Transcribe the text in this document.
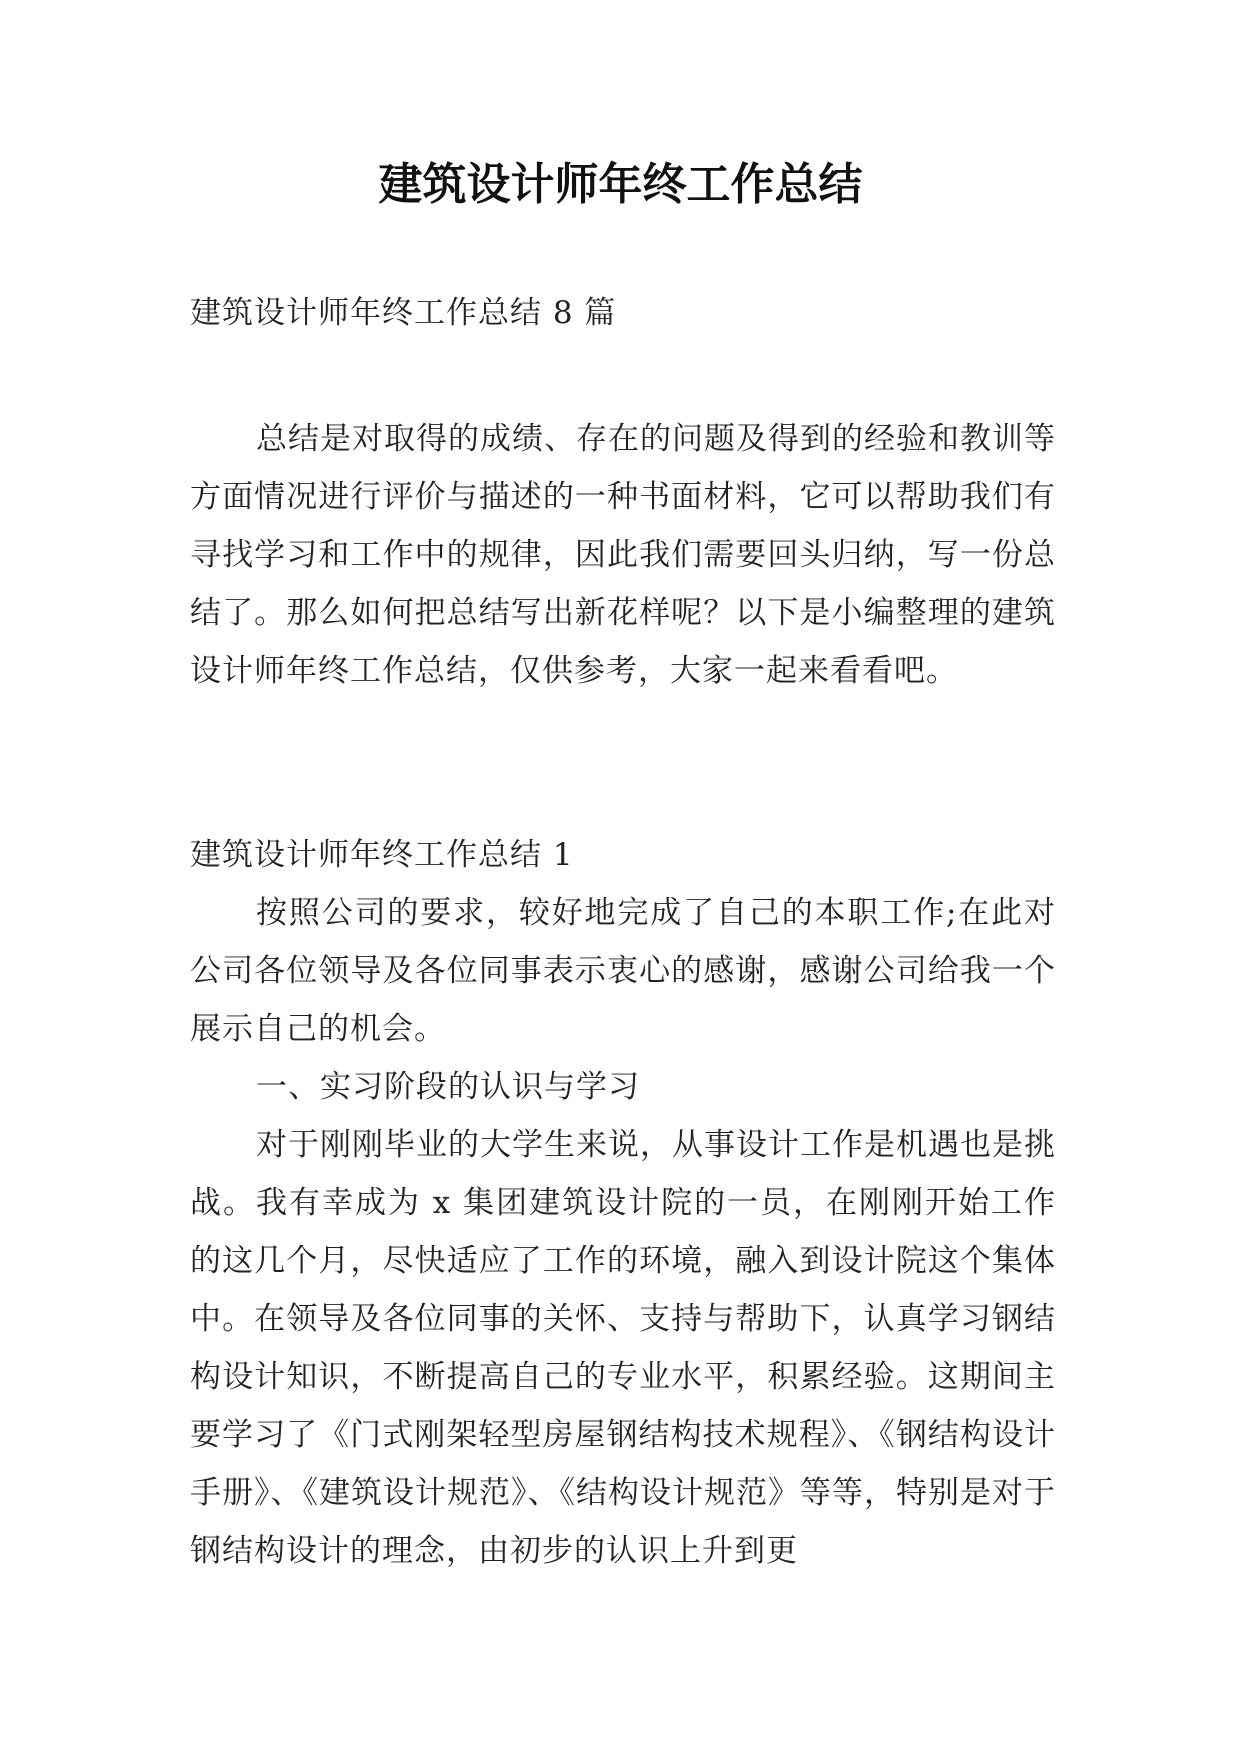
建筑设计师年终工作总结

建筑设计师年终工作总结 8 篇

总结是对取得的成绩、存在的问题及得到的经验和教训等方面情况进行评价与描述的一种书面材料，它可以帮助我们有寻找学习和工作中的规律，因此我们需要回头归纳，写一份总结了。那么如何把总结写出新花样呢？以下是小编整理的建筑设计师年终工作总结，仅供参考，大家一起来看看吧。

建筑设计师年终工作总结 1

按照公司的要求，较好地完成了自己的本职工作;在此对公司各位领导及各位同事表示衷心的感谢，感谢公司给我一个展示自己的机会。

一、实习阶段的认识与学习

对于刚刚毕业的大学生来说，从事设计工作是机遇也是挑战。我有幸成为 x 集团建筑设计院的一员，在刚刚开始工作的这几个月，尽快适应了工作的环境，融入到设计院这个集体中。在领导及各位同事的关怀、支持与帮助下，认真学习钢结构设计知识，不断提高自己的专业水平，积累经验。这期间主要学习了《门式刚架轻型房屋钢结构技术规程》、《钢结构设计手册》、《建筑设计规范》、《结构设计规范》等等，特别是对于钢结构设计的理念，由初步的认识上升到更
